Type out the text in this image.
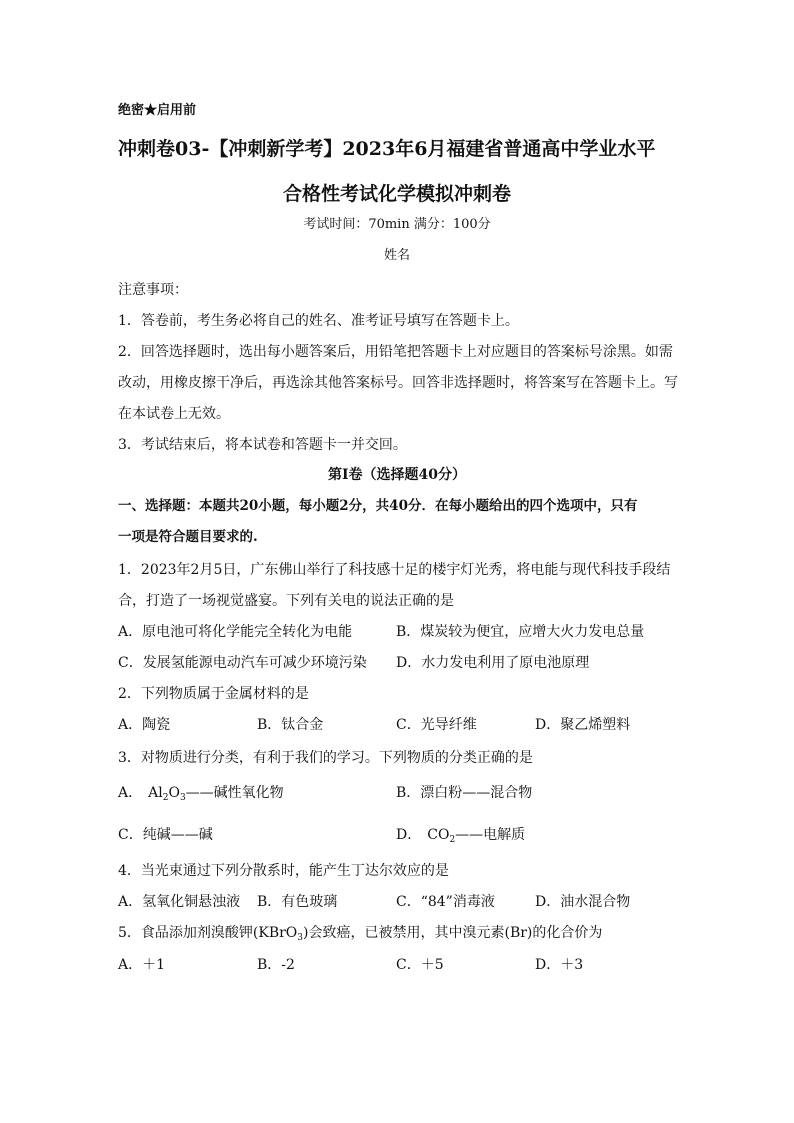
绝密★启用前
冲刺卷03-【冲刺新学考】2023年6月福建省普通高中学业水平
合格性考试化学模拟冲刺卷
考试时间：70min 满分：100分
姓名
注意事项：
1．答卷前，考生务必将自己的姓名、准考证号填写在答题卡上。
2．回答选择题时，选出每小题答案后，用铅笔把答题卡上对应题目的答案标号涂黑。如需
改动，用橡皮擦干净后，再选涂其他答案标号。回答非选择题时，将答案写在答题卡上。写
在本试卷上无效。
3．考试结束后，将本试卷和答题卡一并交回。
第Ⅰ卷（选择题40分）
一、选择题：本题共20小题，每小题2分，共40分．在每小题给出的四个选项中，只有
一项是符合题目要求的.
1．2023年2月5日，广东佛山举行了科技感十足的楼宇灯光秀，将电能与现代科技手段结
合，打造了一场视觉盛宴。下列有关电的说法正确的是
A．原电池可将化学能完全转化为电能	B．煤炭较为便宜，应增大火力发电总量
C．发展氢能源电动汽车可减少环境污染 D．水力发电利用了原电池原理
2．下列物质属于金属材料的是
A．陶瓷	B．钛合金	C．光导纤维	D．聚乙烯塑料
3．对物质进行分类，有利于我们的学习。下列物质的分类正确的是
A． $Al_2O_3——$碱性氧化物	B．漂白粉——混合物
C．纯碱——碱	D． $CO_2——$电解质
4．当光束通过下列分散系时，能产生丁达尔效应的是
A．氢氧化铜悬浊液 B．有色玻璃	C．“84”消毒液	D．油水混合物
5．食品添加剂溴酸钾(KBrO$_3$)会致癌，已被禁用，其中溴元素(Br)的化合价为
A．＋1	B．-2	C．＋5	D．＋3
